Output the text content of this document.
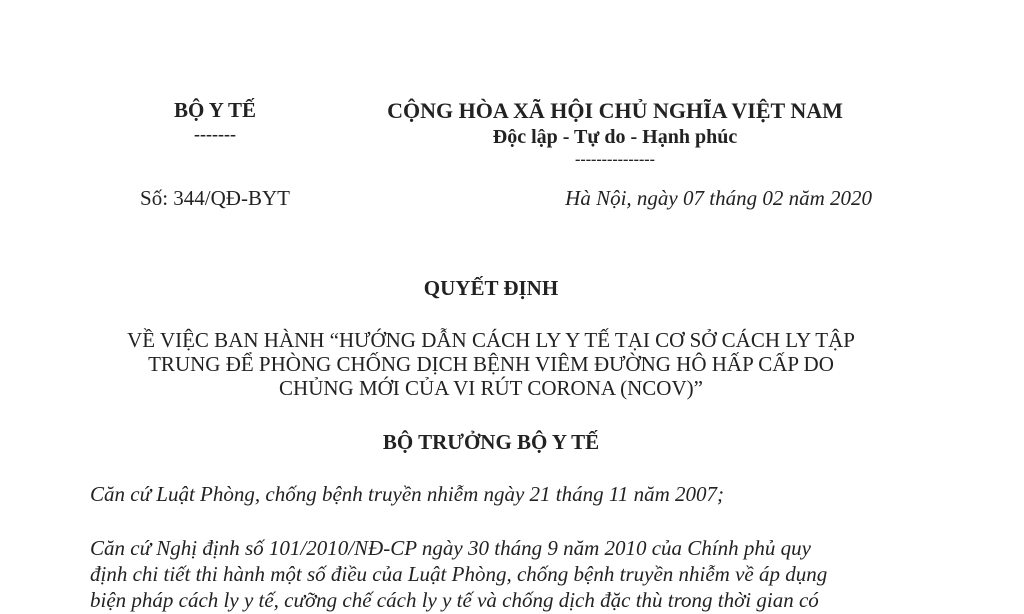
BỘ Y TẾ
-------
CỘNG HÒA XÃ HỘI CHỦ NGHĨA VIỆT NAM
Độc lập - Tự do - Hạnh phúc
---------------
Số: 344/QĐ-BYT	Hà Nội, ngày 07 tháng 02 năm 2020
QUYẾT ĐỊNH
VỀ VIỆC BAN HÀNH “HƯỚNG DẪN CÁCH LY Y TẾ TẠI CƠ SỞ CÁCH LY TẬP
TRUNG ĐỂ PHÒNG CHỐNG DỊCH BỆNH VIÊM ĐƯỜNG HÔ HẤP CẤP DO
CHỦNG MỚI CỦA VI RÚT CORONA (NCOV)”
BỘ TRƯỞNG BỘ Y TẾ
Căn cứ Luật Phòng, chống bệnh truyền nhiễm ngày 21 tháng 11 năm 2007;
Căn cứ Nghị định số 101/2010/NĐ-CP ngày 30 tháng 9 năm 2010 của Chính phủ quy
định chi tiết thi hành một số điều của Luật Phòng, chống bệnh truyền nhiễm về áp dụng
biện pháp cách ly y tế, cưỡng chế cách ly y tế và chống dịch đặc thù trong thời gian có
